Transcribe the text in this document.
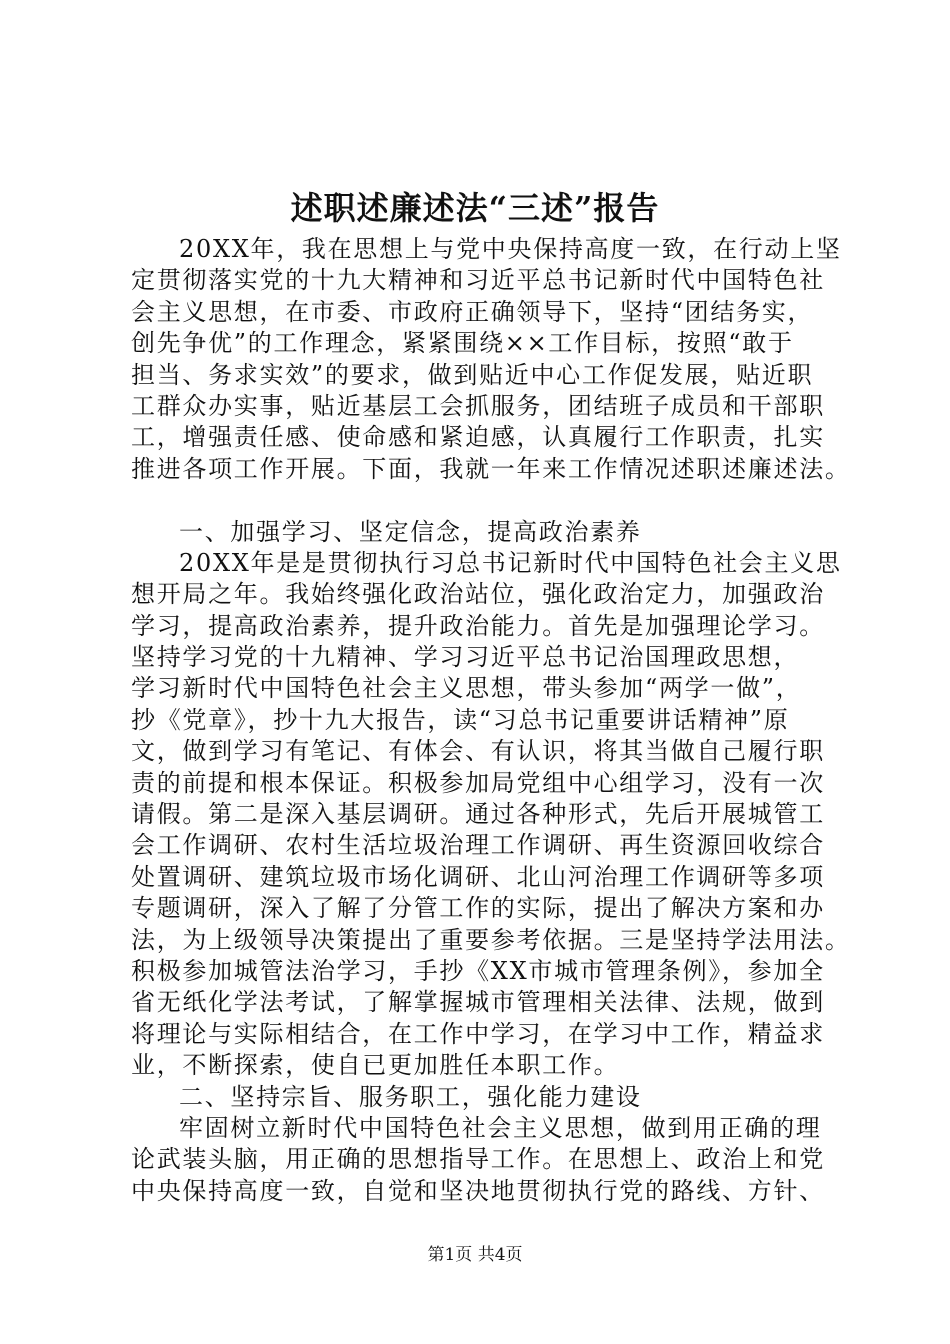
述职述廉述法“三述”报告
20XX年，我在思想上与党中央保持高度一致，在行动上坚
定贯彻落实党的十九大精神和习近平总书记新时代中国特色社
会主义思想，在市委、市政府正确领导下，坚持“团结务实，
创先争优”的工作理念，紧紧围绕××工作目标，按照“敢于
担当、务求实效”的要求，做到贴近中心工作促发展，贴近职
工群众办实事，贴近基层工会抓服务，团结班子成员和干部职
工，增强责任感、使命感和紧迫感，认真履行工作职责，扎实
推进各项工作开展。下面，我就一年来工作情况述职述廉述法。
一、加强学习、坚定信念，提高政治素养
20XX年是是贯彻执行习总书记新时代中国特色社会主义思
想开局之年。我始终强化政治站位，强化政治定力，加强政治
学习，提高政治素养，提升政治能力。首先是加强理论学习。
坚持学习党的十九精神、学习习近平总书记治国理政思想，
学习新时代中国特色社会主义思想，带头参加“两学一做”，
抄《党章》，抄十九大报告，读“习总书记重要讲话精神”原
文，做到学习有笔记、有体会、有认识，将其当做自己履行职
责的前提和根本保证。积极参加局党组中心组学习，没有一次
请假。第二是深入基层调研。通过各种形式，先后开展城管工
会工作调研、农村生活垃圾治理工作调研、再生资源回收综合
处置调研、建筑垃圾市场化调研、北山河治理工作调研等多项
专题调研，深入了解了分管工作的实际，提出了解决方案和办
法，为上级领导决策提出了重要参考依据。三是坚持学法用法。
积极参加城管法治学习，手抄《XX市城市管理条例》，参加全
省无纸化学法考试，了解掌握城市管理相关法律、法规，做到
将理论与实际相结合，在工作中学习，在学习中工作，精益求
业，不断探索，使自已更加胜任本职工作。
二、坚持宗旨、服务职工，强化能力建设
牢固树立新时代中国特色社会主义思想，做到用正确的理
论武装头脑，用正确的思想指导工作。在思想上、政治上和党
中央保持高度一致，自觉和坚决地贯彻执行党的路线、方针、
第1页 共4页
